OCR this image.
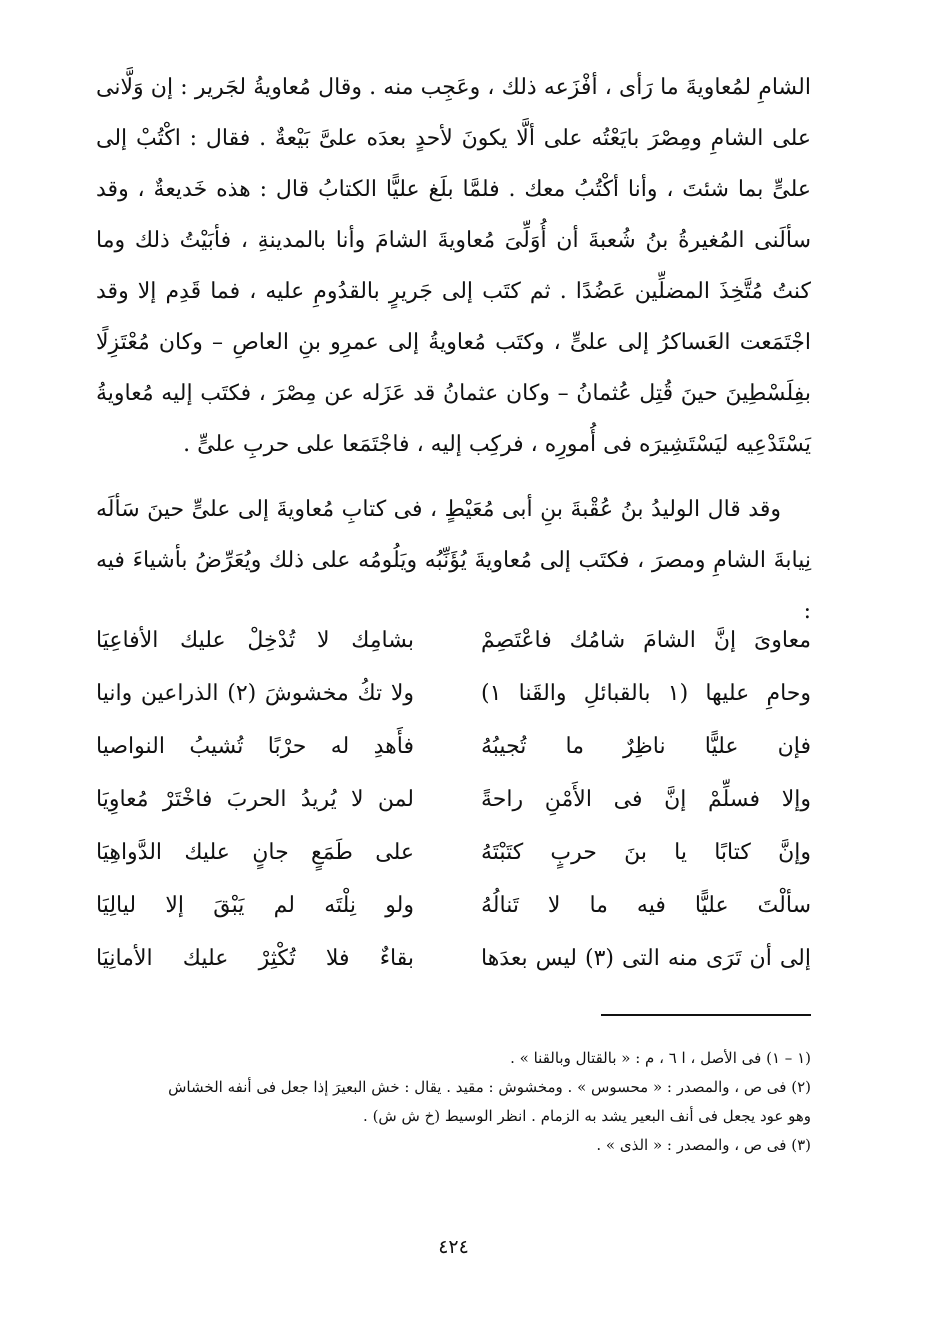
الشامِ لمُعاويةَ ما رَأى ، أفْزَعه ذلك ، وعَجِب منه . وقال مُعاويةُ لجَرير : إن وَلَّانى على الشامِ ومِصْرَ بايَعْتُه على ألَّا يكونَ لأحدٍ بعدَه علىَّ بَيْعةٌ . فقال : اكْتُبْ إلى علىٍّ بما شئتَ ، وأنا أكْتُبُ معك . فلمَّا بلَغ عليًّا الكتابُ قال : هذه خَديعةٌ ، وقد سألَنى المُغيرةُ بنُ شُعبةَ أن أُوَلِّىَ مُعاويةَ الشامَ وأنا بالمدينةِ ، فأبَيْتُ ذلك وما كنتُ مُتَّخِذَ المضلِّين عَضُدًا . ثم كتَب إلى جَريرٍ بالقدُومِ عليه ، فما قَدِم إلا وقد اجْتَمَعت العَساكرُ إلى علىٍّ ، وكتَب مُعاويةُ إلى عمرِو بنِ العاصِ – وكان مُعْتَزِلًا بفِلَسْطِينَ حينَ قُتِل عُثمانُ – وكان عثمانُ قد عَزَله عن مِصْرَ ، فكتَب إليه مُعاويةُ يَسْتَدْعِيه ليَسْتَشِيرَه فى أُمورِه ، فركِب إليه ، فاجْتَمَعا على حربِ علىٍّ .

وقد قال الوليدُ بنُ عُقْبةَ بنِ أبى مُعَيْطٍ ، فى كتابِ مُعاويةَ إلى علىٍّ حينَ سَألَه نِيابةَ الشامِ ومصرَ ، فكتَب إلى مُعاويةَ يُؤَنِّبُه ويَلُومُه على ذلك ويُعَرِّضُ بأشياءَ فيه :

معاوىَ إنَّ الشامَ شامُك فاعْتَصِمْ
بشامِك لا تُدْخِلْ عليك الأفاعِيَا
وحامِ عليها (١ بالقبائلِ والقَنا ١)
ولا تكُ مخشوشَ (٢) الذراعين وانيا
فإن عليًّا ناظِرٌ ما تُجيبُهُ
فأَهدِ له حرْبًا تُشيبُ النواصيا
وإلا فسلِّمْ إنَّ فى الأَمْنِ راحةً
لمن لا يُريدُ الحربَ فاخْتَرْ مُعاوِيَا
وإنَّ كتابًا يا بنَ حربٍ كتَبْتَهُ
على طَمَعٍ جانٍ عليك الدَّواهِيَا
سألْتَ عليًّا فيه ما لا تَنالُهُ
ولو نِلْتَه لم يَبْقَ إلا ليالِيَا
إلى أن تَرَى منه التى (٣) ليس بعدَها
بقاءٌ فلا تُكْثِرْ عليك الأمانِيَا

(١ – ١) فى الأصل ، ا ٦ ، م : « بالقتال وبالقنا » .

(٢) فى ص ، والمصدر : « محسوس » . ومخشوش : مقيد . يقال : خش البعيرَ إذا جعل فى أنفه الخشاش

وهو عود يجعل فى أنف البعير يشد به الزمام . انظر الوسيط (خ ش ش) .

(٣) فى ص ، والمصدر : « الذى » .

٤٢٤
